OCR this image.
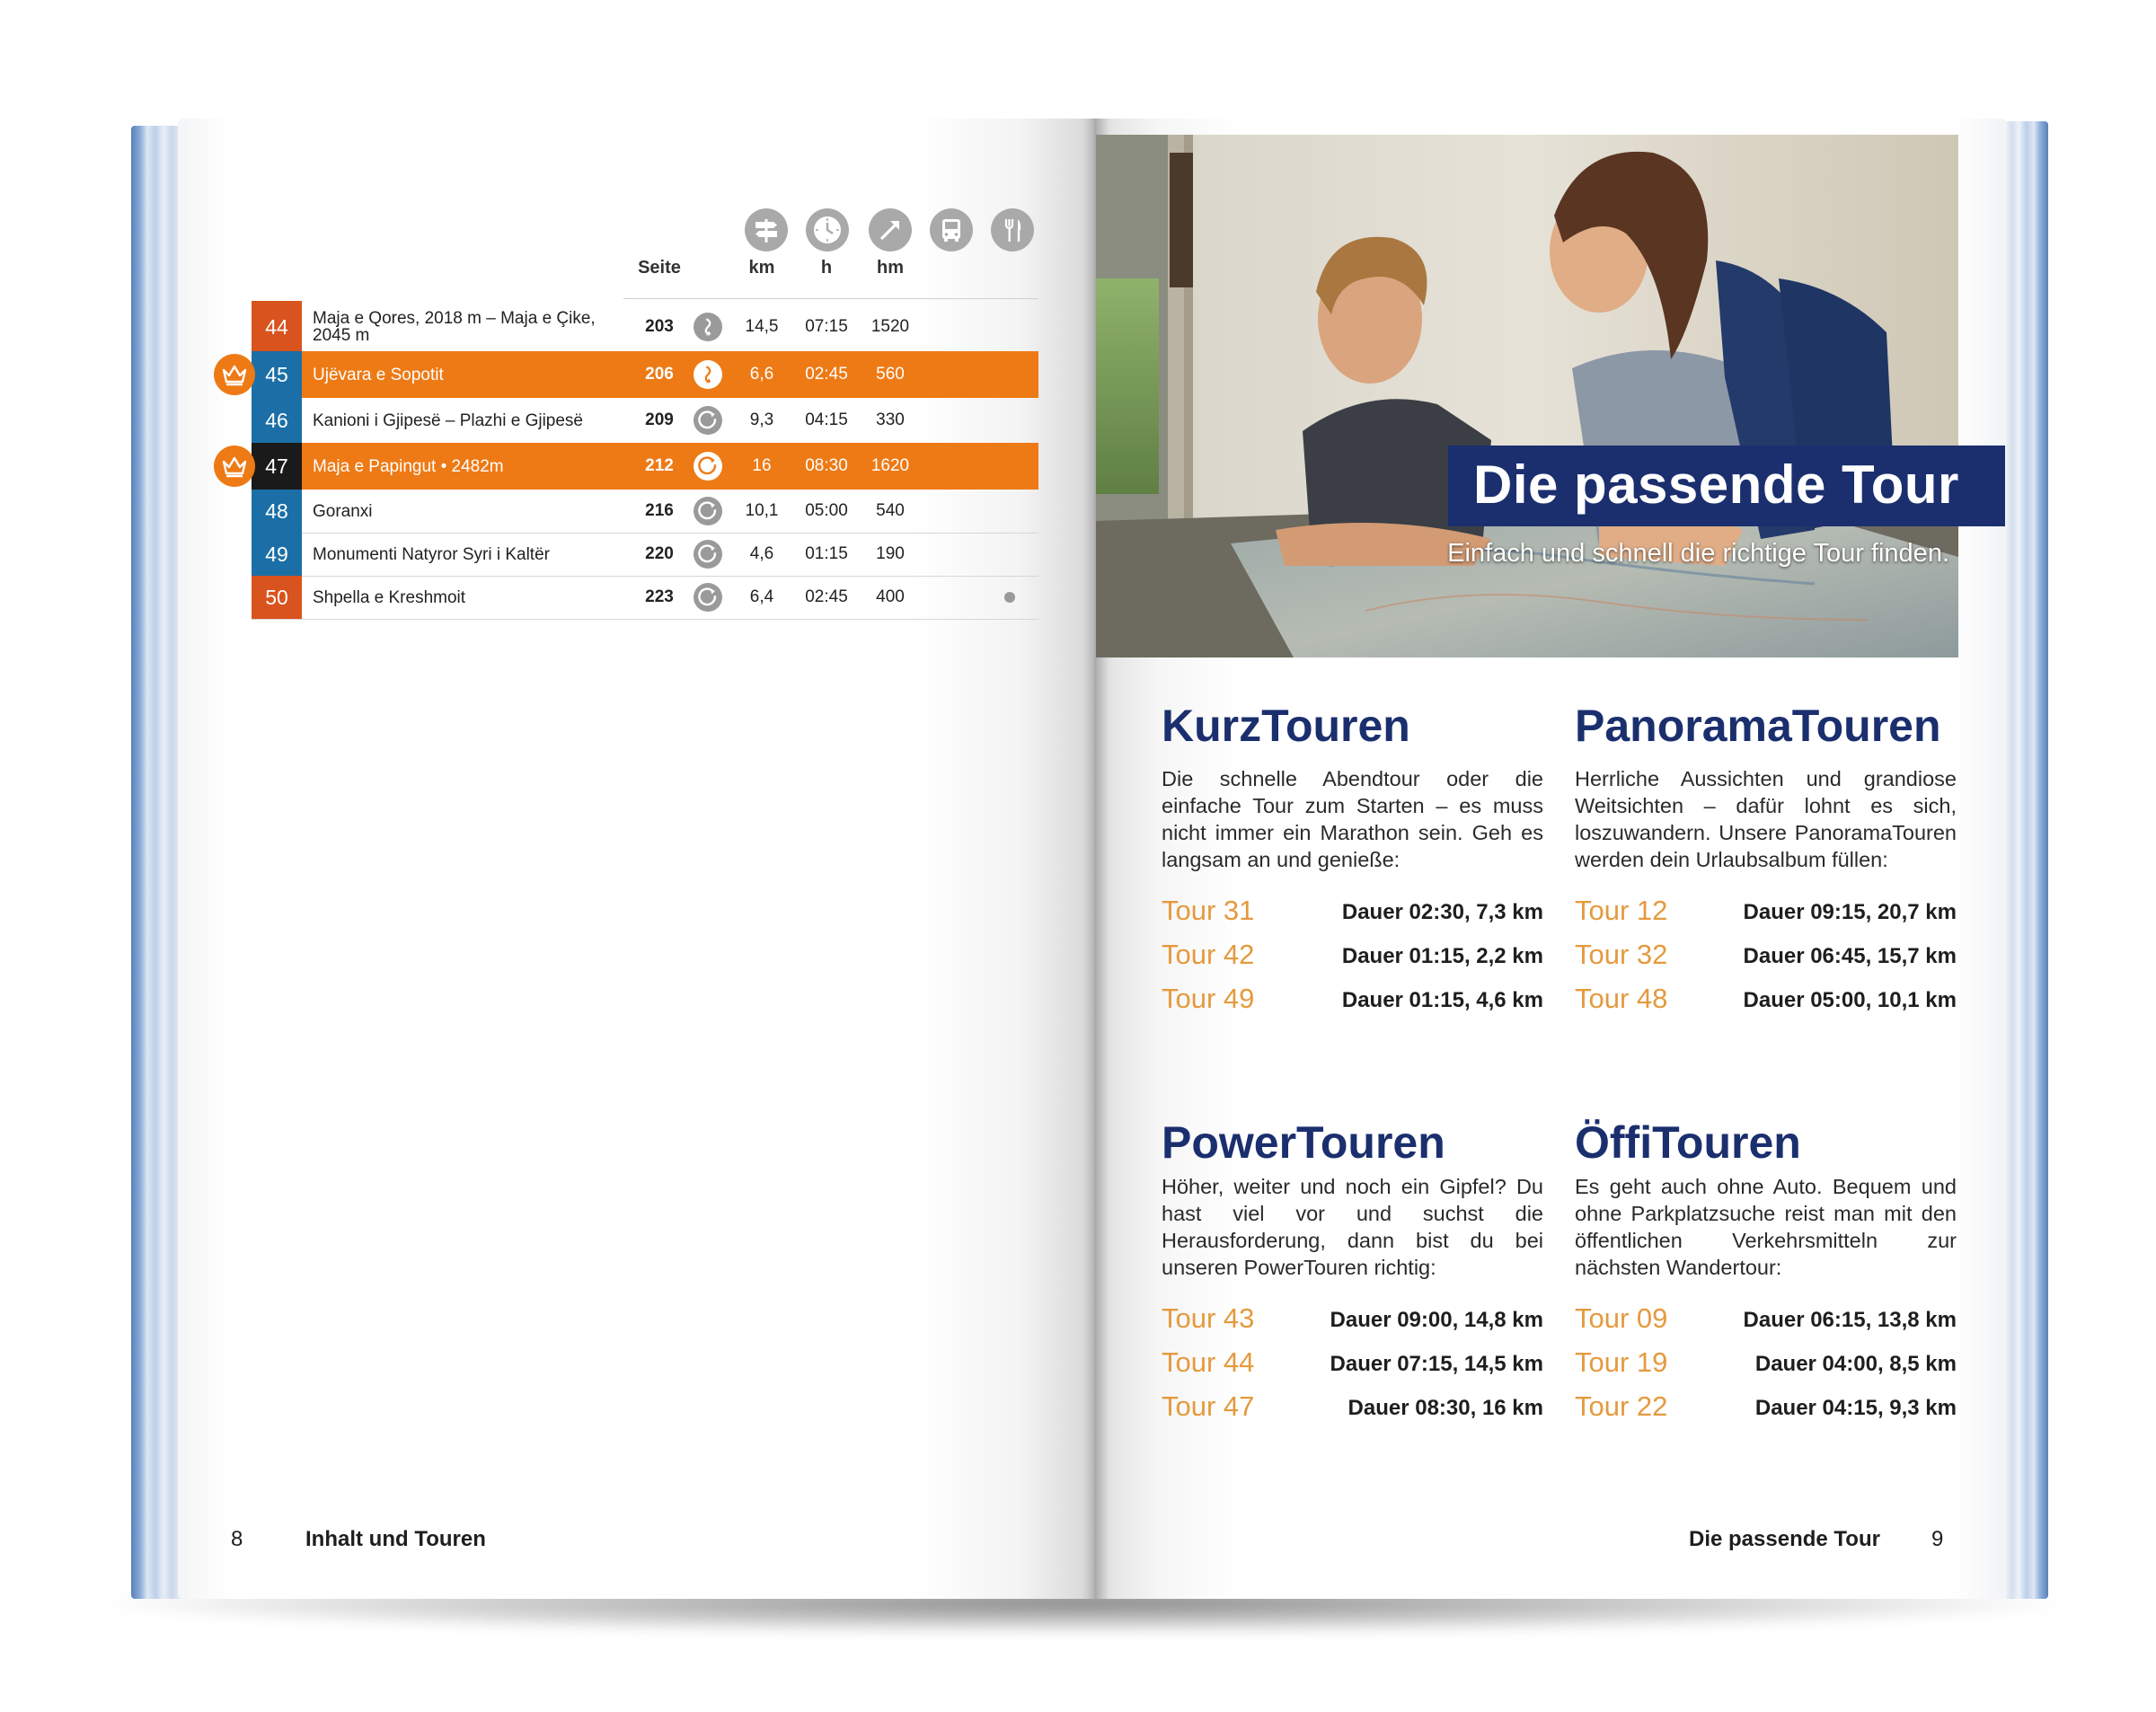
Seite	km	h	hm
44	Maja e Qores, 2018 m – Maja e Çike, 2045 m	203	14,5	07:15	1520
45	Ujëvara e Sopotit	206	6,6	02:45	560
46	Kanioni i Gjipesë – Plazhi e Gjipesë	209	9,3	04:15	330
47	Maja e Papingut • 2482m	212	16	08:30	1620
48	Goranxi	216	10,1	05:00	540
49	Monumenti Natyror Syri i Kaltër	220	4,6	01:15	190
50	Shpella e Kreshmoit	223	6,4	02:45	400
8	Inhalt und Touren
Die passende Tour
Einfach und schnell die richtige Tour finden.
KurzTouren

Die schnelle Abendtour oder die einfache Tour zum Starten – es muss nicht immer ein Marathon sein. Geh es langsam an und genieße:

Tour 31	Dauer 02:30, 7,3 km
Tour 42	Dauer 01:15, 2,2 km
Tour 49	Dauer 01:15, 4,6 km
PanoramaTouren

Herrliche Aussichten und grandiose Weitsichten – dafür lohnt es sich, loszuwandern. Unsere PanoramaTouren werden dein Urlaubsalbum füllen:

Tour 12	Dauer 09:15, 20,7 km
Tour 32	Dauer 06:45, 15,7 km
Tour 48	Dauer 05:00, 10,1 km
PowerTouren

Höher, weiter und noch ein Gipfel? Du hast viel vor und suchst die Herausforderung, dann bist du bei unseren PowerTouren richtig:

Tour 43	Dauer 09:00, 14,8 km
Tour 44	Dauer 07:15, 14,5 km
Tour 47	Dauer 08:30, 16 km
ÖffiTouren

Es geht auch ohne Auto. Bequem und ohne Parkplatzsuche reist man mit den öffentlichen Verkehrsmitteln zur nächsten Wandertour:

Tour 09	Dauer 06:15, 13,8 km
Tour 19	Dauer 04:00, 8,5 km
Tour 22	Dauer 04:15, 9,3 km
Die passende Tour 9
